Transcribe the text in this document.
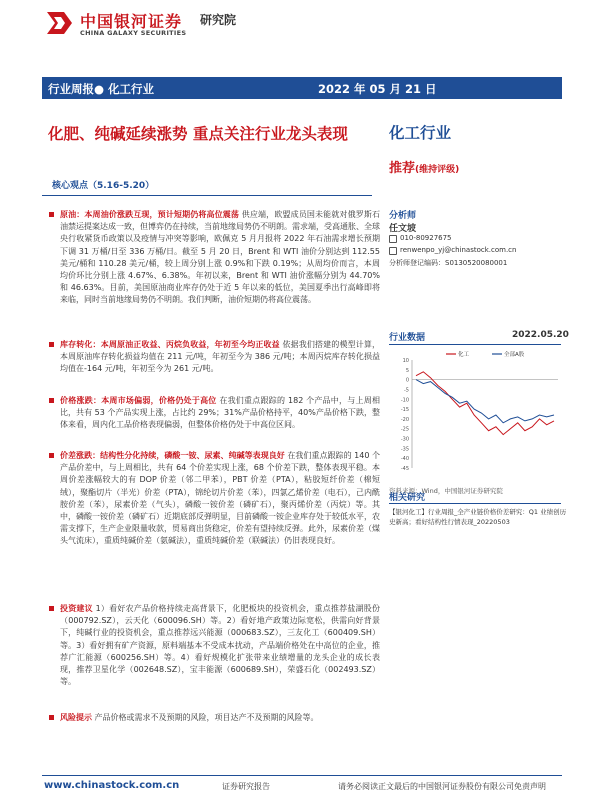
中国银河证券 研究院
CHINA GALAXY SECURITIES
行业周报● 化工行业	2022 年 05 月 21 日
化肥、纯碱延续涨势 重点关注行业龙头表现	化工行业
推荐(维持评级)
核心观点（5.16-5.20）
原油：本周油价涨跌互现，预计短期仍将高位震荡 供应端，欧盟成员国未能就对俄罗斯石油禁运提案达成一致，但博弈仍在持续，当前地缘局势仍不明朗。需求端，受高通胀、全球央行收紧货币政策以及疫情与冲突等影响，欧佩克 5 月月报将 2022 年石油需求增长预期下调 31 万桶/日至 336 万桶/日。截至 5 月 20 日，Brent 和 WTI 油价分别达到 112.55 美元/桶和 110.28 美元/桶，较上周分别上涨 0.9%和下跌 0.19%；从周均价而言，本周均价环比分别上涨 4.67%、6.38%。年初以来，Brent 和 WTI 油价涨幅分别为 44.70%和 46.63%。目前，美国原油商业库存仍处于近 5 年以来的低位，美国夏季出行高峰即将来临，同时当前地缘局势仍不明朗。我们判断，油价短期仍将高位震荡。
库存转化：本周原油正收益、丙烷负收益，年初至今均正收益 依据我们搭建的模型计算，本周原油库存转化损益均值在 211 元/吨，年初至今为 386 元/吨；本周丙烷库存转化损益均值在-164 元/吨，年初至今为 261 元/吨。
价格涨跌：本周市场偏弱，价格仍处于高位 在我们重点跟踪的 182 个产品中，与上周相比，共有 53 个产品实现上涨，占比约 29%；31%产品价格持平，40%产品价格下跌，整体来看，周内化工品价格表现偏弱，但整体价格仍处于中高位区间。
价差涨跌：结构性分化持续，磷酸一铵、尿素、纯碱等表现良好 在我们重点跟踪的 140 个产品价差中，与上周相比，共有 64 个价差实现上涨，68 个价差下跌，整体表现平稳。本周价差涨幅较大的有 DOP 价差（邻二甲苯），PBT 价差（PTA），粘胶短纤价差（棉短绒），聚酯切片（半光）价差（PTA），锦纶切片价差（苯），四氯乙烯价差（电石），己内酰胺价差（苯），尿素价差（气头），磷酸一铵价差（磷矿石），聚丙烯价差（丙烷）等。其中，磷酸一铵价差（磷矿石）近期底部反弹明显，目前磷酸一铵企业库存处于较低水平，农需支撑下，生产企业限量收款，贸易商出货稳定，价差有望持续反弹。此外，尿素价差（煤头气流床），重质纯碱价差（氨碱法），重质纯碱价差（联碱法）仍旧表现良好。
投资建议 1）看好农产品价格持续走高背景下，化肥板块的投资机会，重点推荐盐湖股份（000792.SZ），云天化（600096.SH）等。2）看好地产政策边际宽松，供需向好背景下，纯碱行业的投资机会，重点推荐远兴能源（000683.SZ），三友化工（600409.SH）等。3）看好拥有矿产资源，原料端基本不受成本扰动，产品端价格处在中高位的企业，推荐广汇能源（600256.SH）等。4）看好规模化扩张带来业绩增量的龙头企业的成长表现，推荐卫星化学（002648.SZ），宝丰能源（600689.SH），荣盛石化（002493.SZ）等。
风险提示 产品价格或需求不及预期的风险，项目达产不及预期的风险等。
分析师
任文坡
010-80927675
renwenpo_yj@chinastock.com.cn
分析师登记编码：S0130520080001
行业数据	2022.05.20
10
5
0
-5
-10
-15
-20
-25
-30
-35
-40
-45
化工	全部A股
资料来源：Wind，中国银河证券研究院
相关研究
【银河化工】行业周报_全产业链价格价差研究：Q1 业绩创历史新高；看好结构性行情表现_20220503
www.chinastock.com.cn	证券研究报告	请务必阅读正文最后的中国银河证券股份有限公司免责声明
